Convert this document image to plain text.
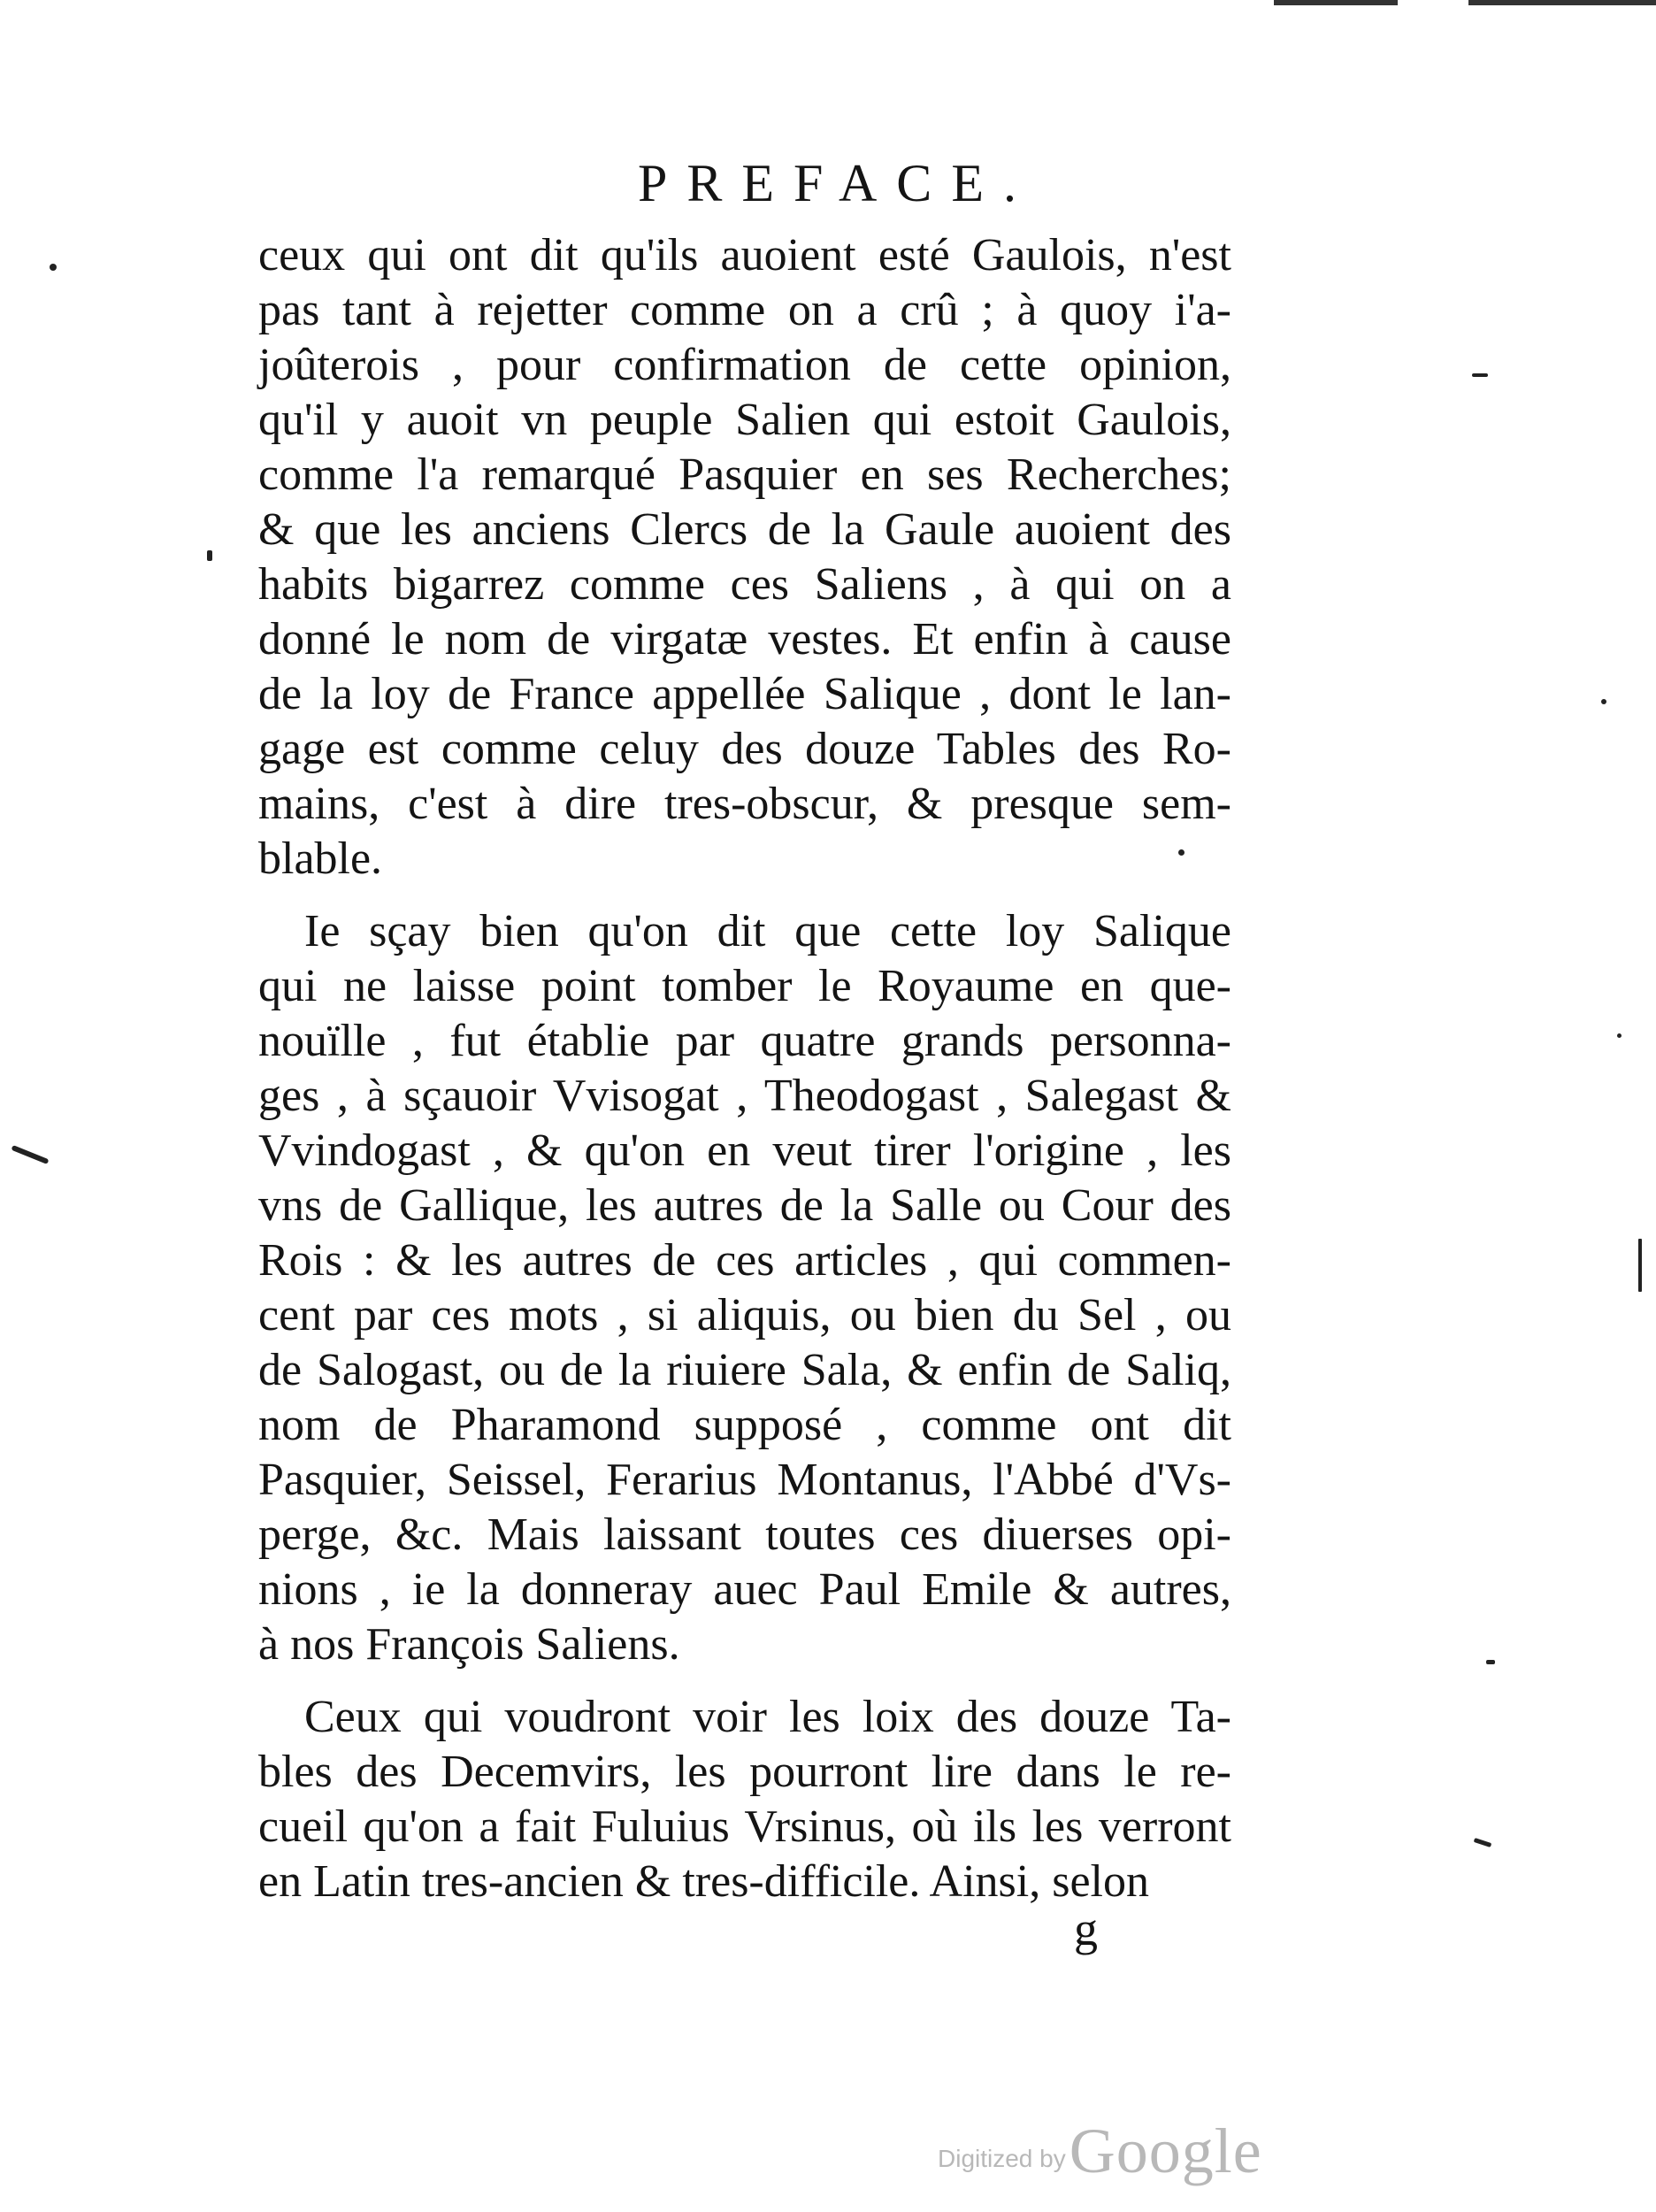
PREFACE.
ceux qui ont dit qu'ils auoient esté Gaulois, n'est
pas tant à rejetter comme on a crû ; à quoy i'a-
joûterois , pour confirmation de cette opinion,
qu'il y auoit vn peuple Salien qui estoit Gaulois,
comme l'a remarqué Pasquier en ses Recherches;
& que les anciens Clercs de la Gaule auoient des
habits bigarrez comme ces Saliens , à qui on a
donné le nom de virgatæ vestes. Et enfin à cause
de la loy de France appellée Salique , dont le lan-
gage est comme celuy des douze Tables des Ro-
mains, c'est à dire tres-obscur, & presque sem-
blable.
Ie sçay bien qu'on dit que cette loy Salique
qui ne laisse point tomber le Royaume en que-
nouïlle , fut établie par quatre grands personna-
ges , à sçauoir Vvisogat , Theodogast , Salegast &
Vvindogast , & qu'on en veut tirer l'origine , les
vns de Gallique, les autres de la Salle ou Cour des
Rois : & les autres de ces articles , qui commen-
cent par ces mots , si aliquis, ou bien du Sel , ou
de Salogast, ou de la riuiere Sala, & enfin de Saliq,
nom de Pharamond supposé , comme ont dit
Pasquier, Seissel, Ferarius Montanus, l'Abbé d'Vs-
perge, &c. Mais laissant toutes ces diuerses opi-
nions , ie la donneray auec Paul Emile & autres,
à nos François Saliens.
Ceux qui voudront voir les loix des douze Ta-
bles des Decemvirs, les pourront lire dans le re-
cueil qu'on a fait Fuluius Vrsinus, où ils les verront
en Latin tres-ancien & tres-difficile. Ainsi, selon
g
Digitized by Google
